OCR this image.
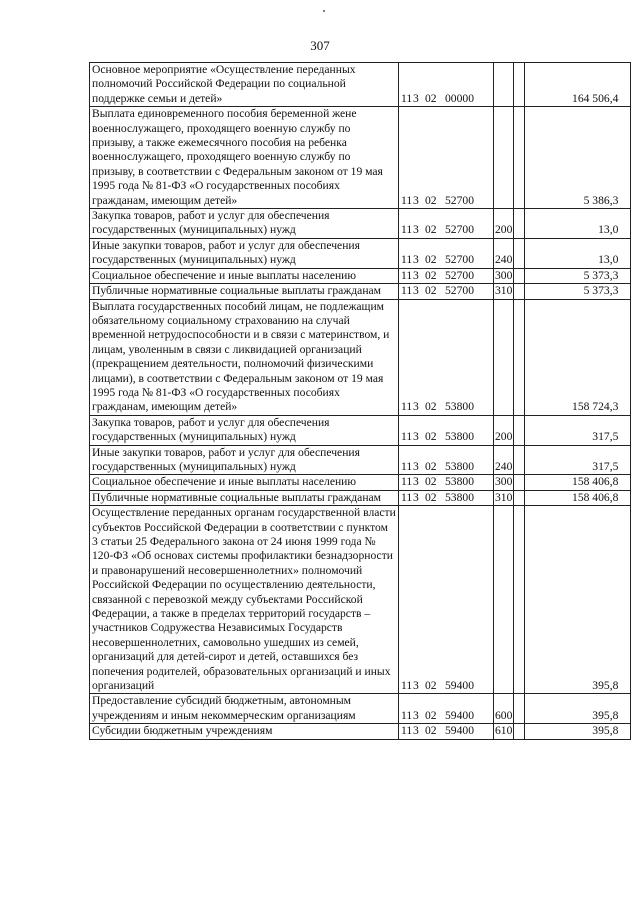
307
Основное мероприятие «Осуществление переданных полномочий Российской Федерации по социальной поддержке семьи и детей»	113 02 00000			164 506,4
Выплата единовременного пособия беременной жене военнослужащего, проходящего военную службу по призыву, а также ежемесячного пособия на ребенка военнослужащего, проходящего военную службу по призыву, в соответствии с Федеральным законом от 19 мая 1995 года № 81-ФЗ «О государственных пособиях гражданам, имеющим детей»	113 02 52700			5 386,3
Закупка товаров, работ и услуг для обеспечения государственных (муниципальных) нужд	113 02 52700	200		13,0
Иные закупки товаров, работ и услуг для обеспечения государственных (муниципальных) нужд	113 02 52700	240		13,0
Социальное обеспечение и иные выплаты населению	113 02 52700	300		5 373,3
Публичные нормативные социальные выплаты гражданам	113 02 52700	310		5 373,3
Выплата государственных пособий лицам, не подлежащим обязательному социальному страхованию на случай временной нетрудоспособности и в связи с материнством, и лицам, уволенным в связи с ликвидацией организаций (прекращением деятельности, полномочий физическими лицами), в соответствии с Федеральным законом от 19 мая 1995 года № 81-ФЗ «О государственных пособиях гражданам, имеющим детей»	113 02 53800			158 724,3
Закупка товаров, работ и услуг для обеспечения государственных (муниципальных) нужд	113 02 53800	200		317,5
Иные закупки товаров, работ и услуг для обеспечения государственных (муниципальных) нужд	113 02 53800	240		317,5
Социальное обеспечение и иные выплаты населению	113 02 53800	300		158 406,8
Публичные нормативные социальные выплаты гражданам	113 02 53800	310		158 406,8
Осуществление переданных органам государственной власти субъектов Российской Федерации в соответствии с пунктом 3 статьи 25 Федерального закона от 24 июня 1999 года № 120-ФЗ «Об основах системы профилактики безнадзорности и правонарушений несовершеннолетних» полномочий Российской Федерации по осуществлению деятельности, связанной с перевозкой между субъектами Российской Федерации, а также в пределах территорий государств – участников Содружества Независимых Государств несовершеннолетних, самовольно ушедших из семей, организаций для детей-сирот и детей, оставшихся без попечения родителей, образовательных организаций и иных организаций	113 02 59400			395,8
Предоставление субсидий бюджетным, автономным учреждениям и иным некоммерческим организациям	113 02 59400	600		395,8
Субсидии бюджетным учреждениям	113 02 59400	610		395,8
